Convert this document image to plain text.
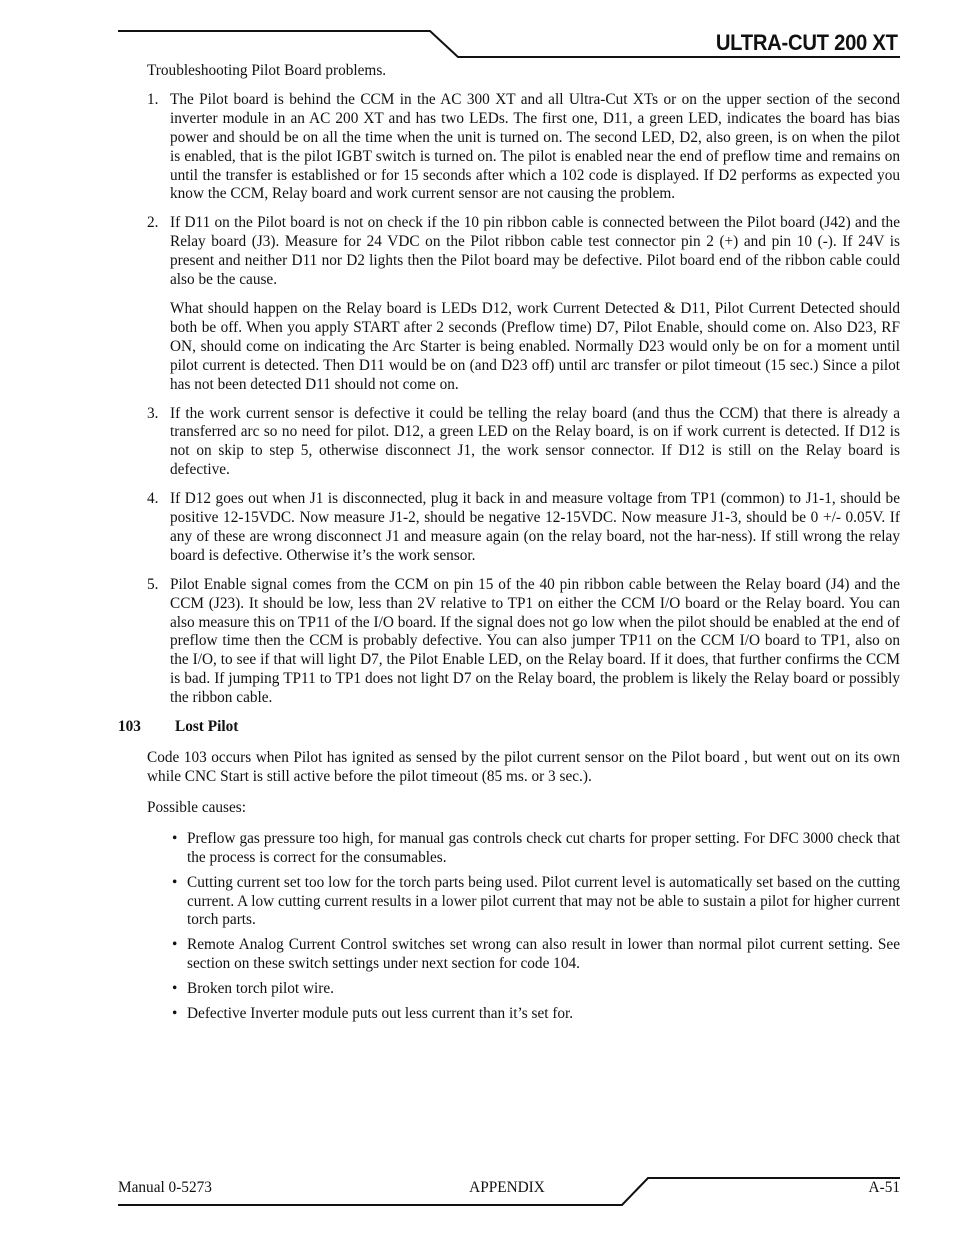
ULTRA-CUT 200 XT

Troubleshooting Pilot Board problems.

1. The Pilot board is behind the CCM in the AC 300 XT and all Ultra-Cut XTs or on the upper section of the second inverter module in an AC 200 XT and has two LEDs. The first one, D11, a green LED, indicates the board has bias power and should be on all the time when the unit is turned on. The second LED, D2, also green, is on when the pilot is enabled, that is the pilot IGBT switch is turned on. The pilot is enabled near the end of preflow time and remains on until the transfer is established or for 15 seconds after which a 102 code is displayed. If D2 performs as expected you know the CCM, Relay board and work current sensor are not causing the problem.

2. If D11 on the Pilot board is not on check if the 10 pin ribbon cable is connected between the Pilot board (J42) and the Relay board (J3). Measure for 24 VDC on the Pilot ribbon cable test connector pin 2 (+) and pin 10 (-). If 24V is present and neither D11 nor D2 lights then the Pilot board may be defective. Pilot board end of the ribbon cable could also be the cause.

What should happen on the Relay board is LEDs D12, work Current Detected & D11, Pilot Current Detected should both be off. When you apply START after 2 seconds (Preflow time) D7, Pilot Enable, should come on. Also D23, RF ON, should come on indicating the Arc Starter is being enabled. Normally D23 would only be on for a moment until pilot current is detected. Then D11 would be on (and D23 off) until arc transfer or pilot timeout (15 sec.) Since a pilot has not been detected D11 should not come on.

3. If the work current sensor is defective it could be telling the relay board (and thus the CCM) that there is already a transferred arc so no need for pilot. D12, a green LED on the Relay board, is on if work current is detected. If D12 is not on skip to step 5, otherwise disconnect J1, the work sensor connector. If D12 is still on the Relay board is defective.

4. If D12 goes out when J1 is disconnected, plug it back in and measure voltage from TP1 (common) to J1-1, should be positive 12-15VDC. Now measure J1-2, should be negative 12-15VDC. Now measure J1-3, should be 0 +/- 0.05V. If any of these are wrong disconnect J1 and measure again (on the relay board, not the har-ness). If still wrong the relay board is defective. Otherwise it’s the work sensor.

5. Pilot Enable signal comes from the CCM on pin 15 of the 40 pin ribbon cable between the Relay board (J4) and the CCM (J23). It should be low, less than 2V relative to TP1 on either the CCM I/O board or the Relay board. You can also measure this on TP11 of the I/O board. If the signal does not go low when the pilot should be enabled at the end of preflow time then the CCM is probably defective. You can also jumper TP11 on the CCM I/O board to TP1, also on the I/O, to see if that will light D7, the Pilot Enable LED, on the Relay board. If it does, that further confirms the CCM is bad. If jumping TP11 to TP1 does not light D7 on the Relay board, the problem is likely the Relay board or possibly the ribbon cable.

103 Lost Pilot

Code 103 occurs when Pilot has ignited as sensed by the pilot current sensor on the Pilot board , but went out on its own while CNC Start is still active before the pilot timeout (85 ms. or 3 sec.).

Possible causes:

• Preflow gas pressure too high, for manual gas controls check cut charts for proper setting. For DFC 3000 check that the process is correct for the consumables.
• Cutting current set too low for the torch parts being used. Pilot current level is automatically set based on the cutting current. A low cutting current results in a lower pilot current that may not be able to sustain a pilot for higher current torch parts.
• Remote Analog Current Control switches set wrong can also result in lower than normal pilot current setting. See section on these switch settings under next section for code 104.
• Broken torch pilot wire.
• Defective Inverter module puts out less current than it’s set for.
Manual 0-5273	APPENDIX	A-51
